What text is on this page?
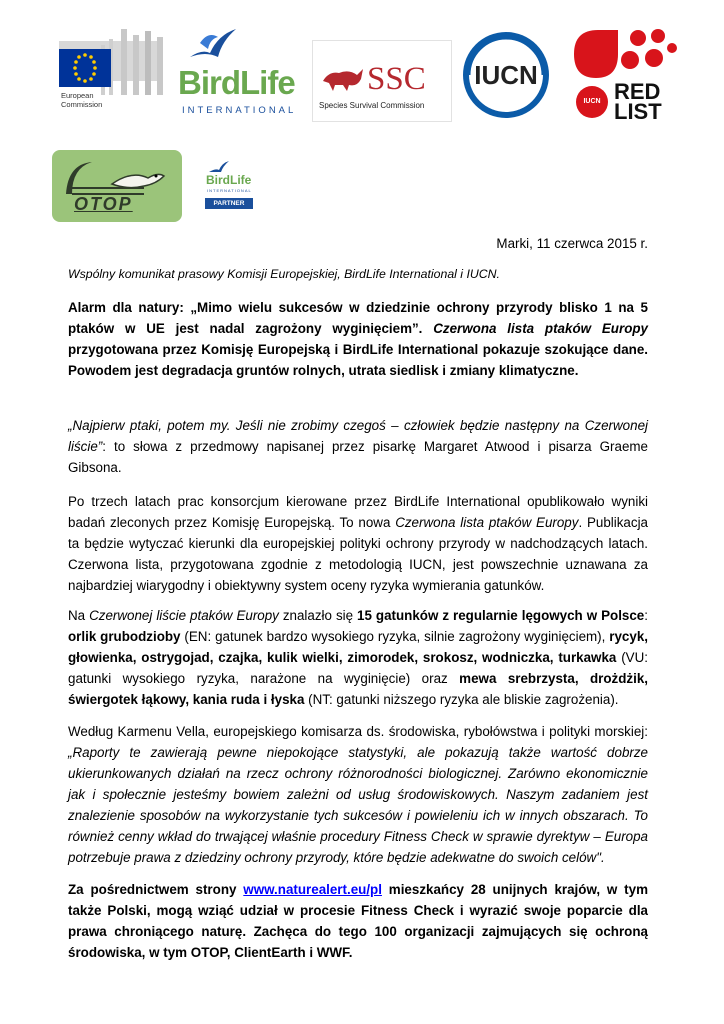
European
Commission
BirdLife
INTERNATIONAL
SSC
Species Survival Commission
IUCN
IUCN RED
LIST
OTOP
BirdLife
INTERNATIONAL
PARTNER
Marki, 11 czerwca 2015 r.
Wspólny komunikat prasowy Komisji Europejskiej, BirdLife International i IUCN.
Alarm dla natury: „Mimo wielu sukcesów w dziedzinie ochrony przyrody blisko 1 na 5 ptaków w UE jest nadal zagrożony wyginięciem”. Czerwona lista ptaków Europy przygotowana przez Komisję Europejską i BirdLife International pokazuje szokujące dane. Powodem jest degradacja gruntów rolnych, utrata siedlisk i zmiany klimatyczne.
„Najpierw ptaki, potem my. Jeśli nie zrobimy czegoś – człowiek będzie następny na Czerwonej liście”: to słowa z przedmowy napisanej przez pisarkę Margaret Atwood i pisarza Graeme Gibsona.
Po trzech latach prac konsorcjum kierowane przez BirdLife International opublikowało wyniki badań zleconych przez Komisję Europejską. To nowa Czerwona lista ptaków Europy. Publikacja ta będzie wytyczać kierunki dla europejskiej polityki ochrony przyrody w nadchodzących latach. Czerwona lista, przygotowana zgodnie z metodologią IUCN, jest powszechnie uznawana za najbardziej wiarygodny i obiektywny system oceny ryzyka wymierania gatunków.
Na Czerwonej liście ptaków Europy znalazło się 15 gatunków z regularnie lęgowych w Polsce: orlik grubodzioby (EN: gatunek bardzo wysokiego ryzyka, silnie zagrożony wyginięciem), rycyk, głowienka, ostrygojad, czajka, kulik wielki, zimorodek, srokosz, wodniczka, turkawka (VU: gatunki wysokiego ryzyka, narażone na wyginięcie) oraz mewa srebrzysta, drożdżik, świergotek łąkowy, kania ruda i łyska (NT: gatunki niższego ryzyka ale bliskie zagrożenia).
Według Karmenu Vella, europejskiego komisarza ds. środowiska, rybołówstwa i polityki morskiej: „Raporty te zawierają pewne niepokojące statystyki, ale pokazują także wartość dobrze ukierunkowanych działań na rzecz ochrony różnorodności biologicznej. Zarówno ekonomicznie jak i społecznie jesteśmy bowiem zależni od usług środowiskowych. Naszym zadaniem jest znalezienie sposobów na wykorzystanie tych sukcesów i powieleniu ich w innych obszarach. To również cenny wkład do trwającej właśnie procedury Fitness Check w sprawie dyrektyw – Europa potrzebuje prawa z dziedziny ochrony przyrody, które będzie adekwatne do swoich celów".
Za pośrednictwem strony www.naturealert.eu/pl mieszkańcy 28 unijnych krajów, w tym także Polski, mogą wziąć udział w procesie Fitness Check i wyrazić swoje poparcie dla prawa chroniącego naturę. Zachęca do tego 100 organizacji zajmujących się ochroną środowiska, w tym OTOP, ClientEarth i WWF.
